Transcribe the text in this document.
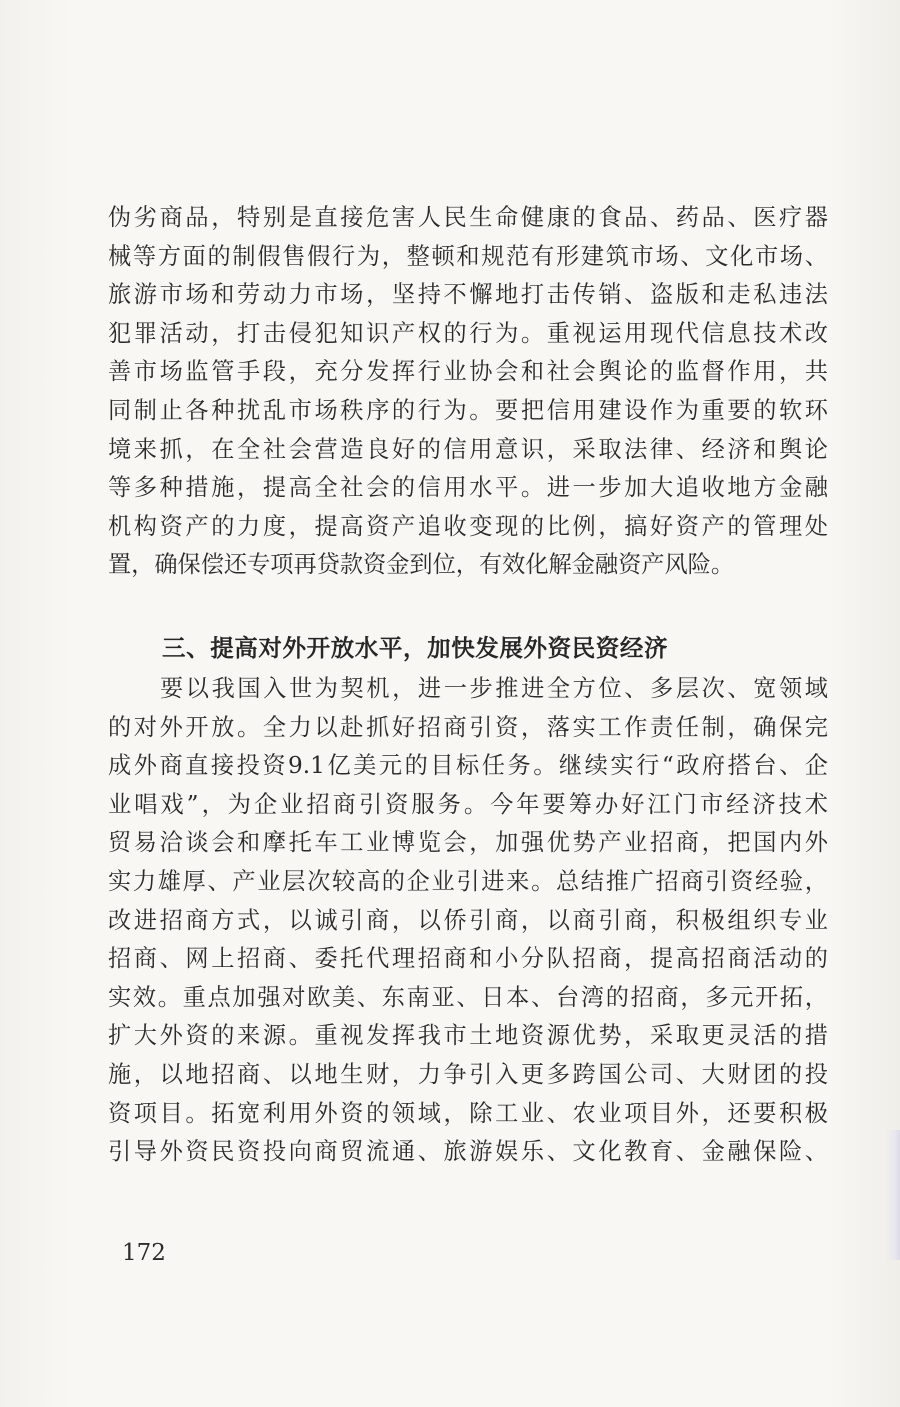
伪劣商品，特别是直接危害人民生命健康的食品、药品、医疗器
械等方面的制假售假行为，整顿和规范有形建筑市场、文化市场、
旅游市场和劳动力市场，坚持不懈地打击传销、盗版和走私违法
犯罪活动，打击侵犯知识产权的行为。重视运用现代信息技术改
善市场监管手段，充分发挥行业协会和社会舆论的监督作用，共
同制止各种扰乱市场秩序的行为。要把信用建设作为重要的软环
境来抓，在全社会营造良好的信用意识，采取法律、经济和舆论
等多种措施，提高全社会的信用水平。进一步加大追收地方金融
机构资产的力度，提高资产追收变现的比例，搞好资产的管理处
置，确保偿还专项再贷款资金到位，有效化解金融资产风险。
三、提高对外开放水平，加快发展外资民资经济
要以我国入世为契机，进一步推进全方位、多层次、宽领域
的对外开放。全力以赴抓好招商引资，落实工作责任制，确保完
成外商直接投资9.1亿美元的目标任务。继续实行“政府搭台、企
业唱戏”，为企业招商引资服务。今年要筹办好江门市经济技术
贸易洽谈会和摩托车工业博览会，加强优势产业招商，把国内外
实力雄厚、产业层次较高的企业引进来。总结推广招商引资经验，
改进招商方式，以诚引商，以侨引商，以商引商，积极组织专业
招商、网上招商、委托代理招商和小分队招商，提高招商活动的
实效。重点加强对欧美、东南亚、日本、台湾的招商，多元开拓，
扩大外资的来源。重视发挥我市土地资源优势，采取更灵活的措
施，以地招商、以地生财，力争引入更多跨国公司、大财团的投
资项目。拓宽利用外资的领域，除工业、农业项目外，还要积极
引导外资民资投向商贸流通、旅游娱乐、文化教育、金融保险、
172
